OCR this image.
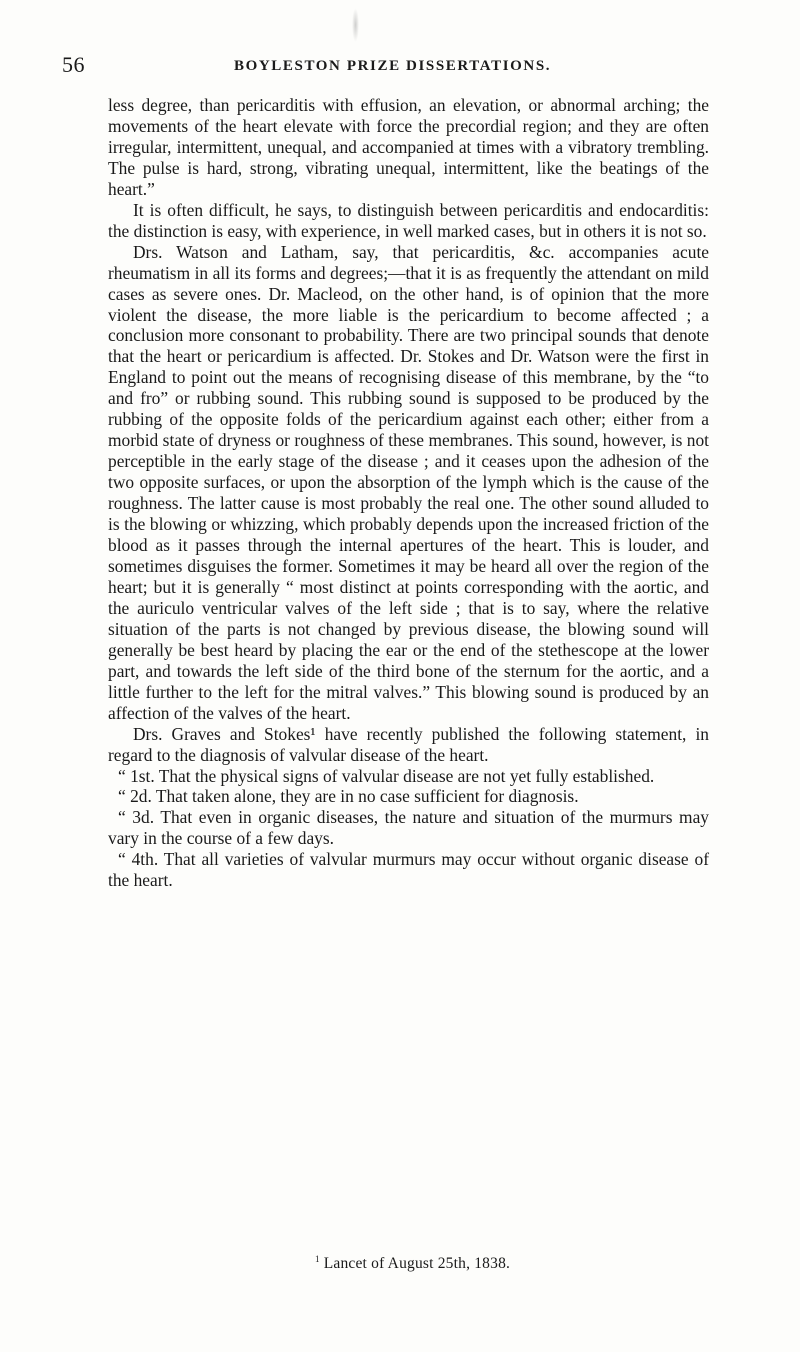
56	BOYLESTON PRIZE DISSERTATIONS.

less degree, than pericarditis with effusion, an elevation, or abnormal arching; the movements of the heart elevate with force the precordial region; and they are often irregular, intermittent, unequal, and accompanied at times with a vibratory trembling. The pulse is hard, strong, vibrating unequal, intermittent, like the beatings of the heart.”

It is often difficult, he says, to distinguish between pericarditis and endocarditis: the distinction is easy, with experience, in well marked cases, but in others it is not so.

Drs. Watson and Latham, say, that pericarditis, &c. accompanies acute rheumatism in all its forms and degrees;—that it is as frequently the attendant on mild cases as severe ones. Dr. Macleod, on the other hand, is of opinion that the more violent the disease, the more liable is the pericardium to become affected ; a conclusion more consonant to probability. There are two principal sounds that denote that the heart or pericardium is affected. Dr. Stokes and Dr. Watson were the first in England to point out the means of recognising disease of this membrane, by the “to and fro” or rubbing sound. This rubbing sound is supposed to be produced by the rubbing of the opposite folds of the pericardium against each other; either from a morbid state of dryness or roughness of these membranes. This sound, however, is not perceptible in the early stage of the disease ; and it ceases upon the adhesion of the two opposite surfaces, or upon the absorption of the lymph which is the cause of the roughness. The latter cause is most probably the real one. The other sound alluded to is the blowing or whizzing, which probably depends upon the increased friction of the blood as it passes through the internal apertures of the heart. This is louder, and sometimes disguises the former. Sometimes it may be heard all over the region of the heart; but it is generally “ most distinct at points corresponding with the aortic, and the auriculo ventricular valves of the left side ; that is to say, where the relative situation of the parts is not changed by previous disease, the blowing sound will generally be best heard by placing the ear or the end of the stethescope at the lower part, and towards the left side of the third bone of the sternum for the aortic, and a little further to the left for the mitral valves.” This blowing sound is produced by an affection of the valves of the heart.

Drs. Graves and Stokes¹ have recently published the following statement, in regard to the diagnosis of valvular disease of the heart.

“ 1st. That the physical signs of valvular disease are not yet fully established.

“ 2d. That taken alone, they are in no case sufficient for diagnosis.

“ 3d. That even in organic diseases, the nature and situation of the murmurs may vary in the course of a few days.

“ 4th. That all varieties of valvular murmurs may occur without organic disease of the heart.

$^1$ Lancet of August 25th, 1838.
